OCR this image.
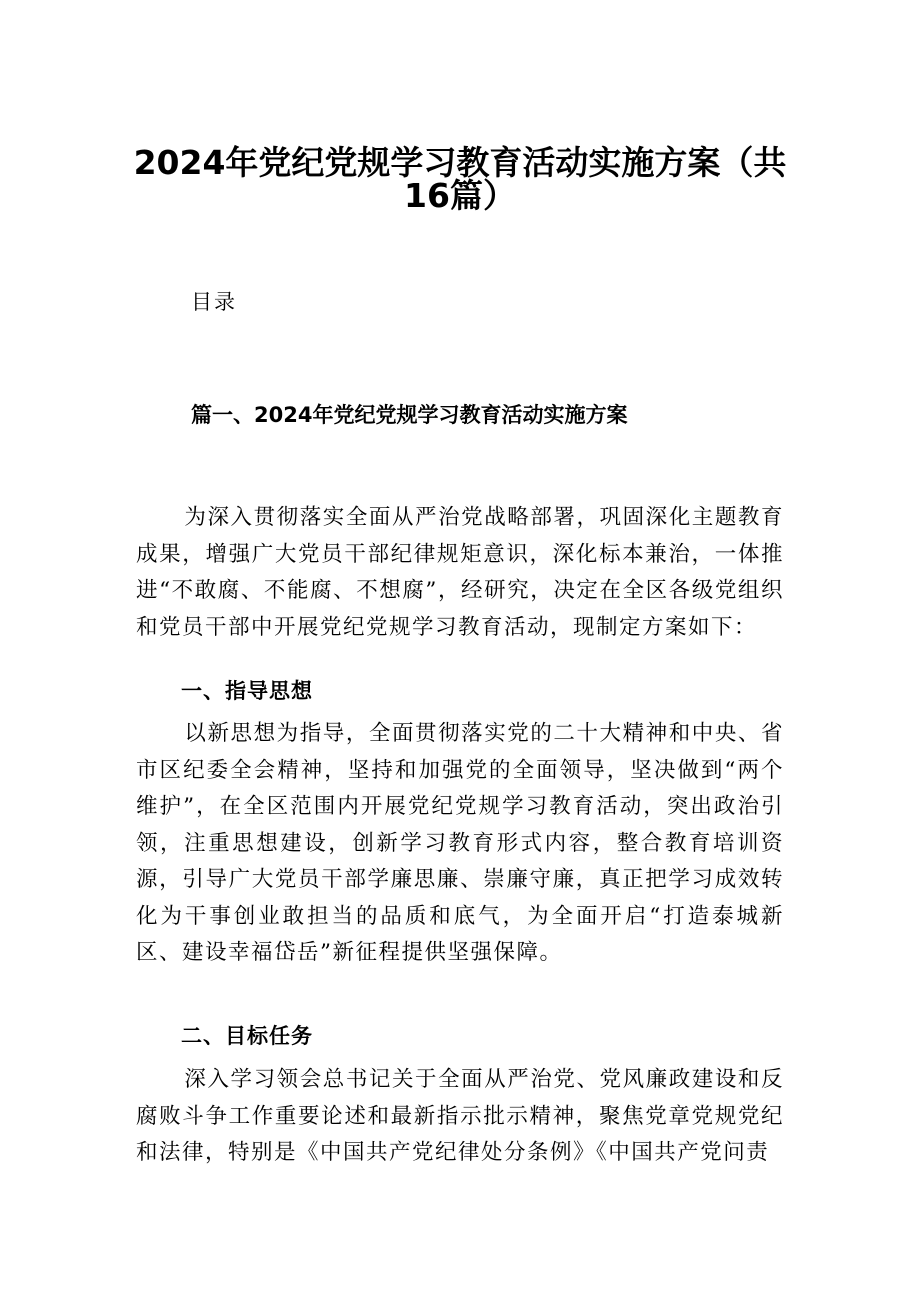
2024年党纪党规学习教育活动实施方案（共
16篇）
目录
篇一、2024年党纪党规学习教育活动实施方案

为深入贯彻落实全面从严治党战略部署，巩固深化主题教育成果，增强广大党员干部纪律规矩意识，深化标本兼治，一体推进“不敢腐、不能腐、不想腐”，经研究，决定在全区各级党组织和党员干部中开展党纪党规学习教育活动，现制定方案如下：

一、指导思想

以新思想为指导，全面贯彻落实党的二十大精神和中央、省市区纪委全会精神，坚持和加强党的全面领导，坚决做到“两个维护”，在全区范围内开展党纪党规学习教育活动，突出政治引领，注重思想建设，创新学习教育形式内容，整合教育培训资源，引导广大党员干部学廉思廉、崇廉守廉，真正把学习成效转化为干事创业敢担当的品质和底气，为全面开启“打造泰城新区、建设幸福岱岳”新征程提供坚强保障。

二、目标任务

深入学习领会总书记关于全面从严治党、党风廉政建设和反腐败斗争工作重要论述和最新指示批示精神，聚焦党章党规党纪和法律，特别是《中国共产党纪律处分条例》《中国共产党问责
